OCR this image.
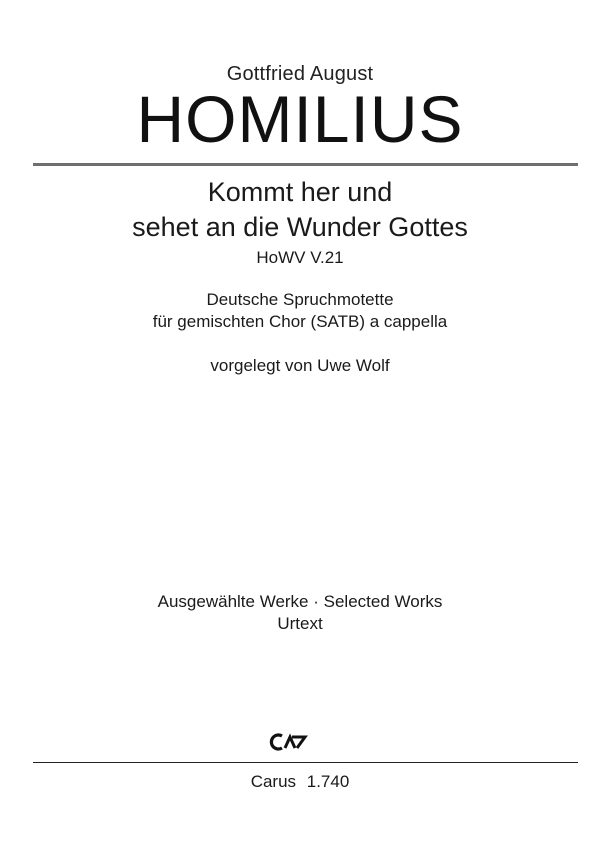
Gottfried August
HOMILIUS
Kommt her und
sehet an die Wunder Gottes
HoWV V.21
Deutsche Spruchmotette
für gemischten Chor (SATB) a cappella
vorgelegt von Uwe Wolf
Ausgewählte Werke · Selected Works
Urtext
Carus 1.740
